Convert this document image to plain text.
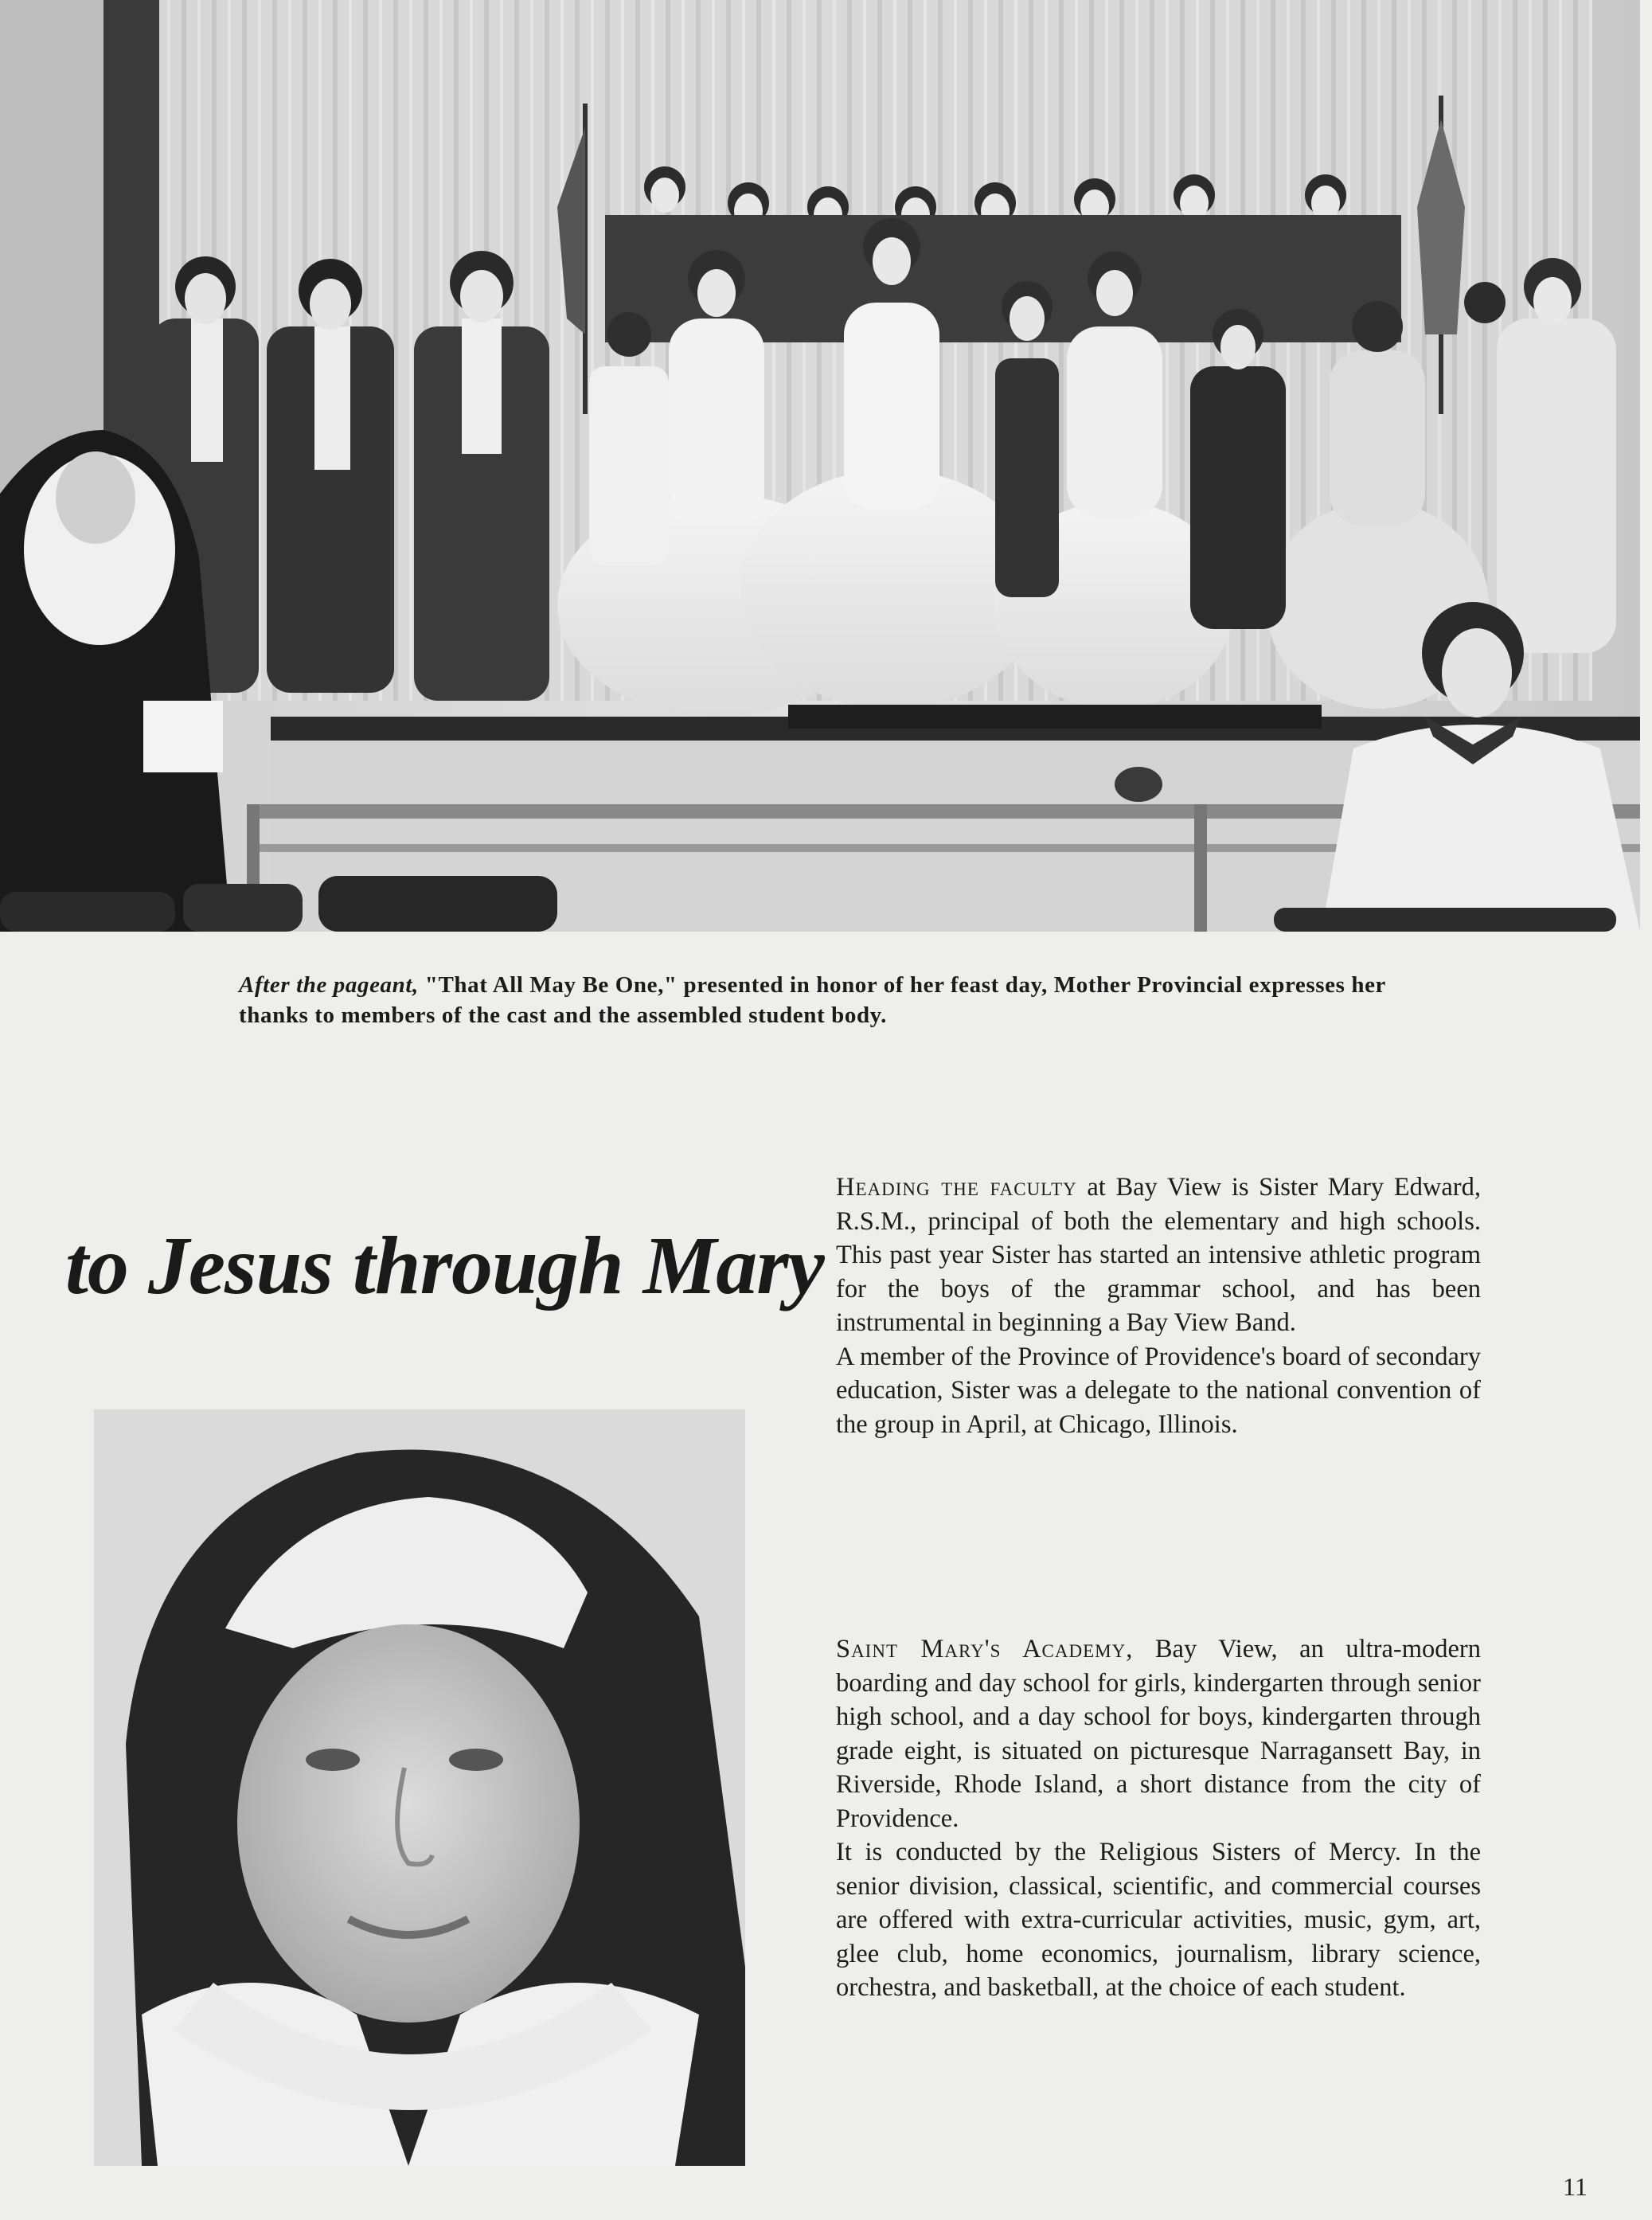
After the pageant, "That All May Be One," presented in honor of her feast day, Mother Provincial expresses her thanks to members of the cast and the assembled student body.
to Jesus through Mary

Heading the faculty at Bay View is Sister Mary Edward, R.S.M., principal of both the elementary and high schools. This past year Sister has started an intensive athletic program for the boys of the grammar school, and has been instrumental in beginning a Bay View Band.

A member of the Province of Providence's board of secondary education, Sister was a delegate to the national convention of the group in April, at Chicago, Illinois.

Saint Mary's Academy, Bay View, an ultra-modern boarding and day school for girls, kindergarten through senior high school, and a day school for boys, kindergarten through grade eight, is situated on picturesque Narragansett Bay, in Riverside, Rhode Island, a short distance from the city of Providence.

It is conducted by the Religious Sisters of Mercy. In the senior division, classical, scientific, and commercial courses are offered with extra-curricular activities, music, gym, art, glee club, home economics, journalism, library science, orchestra, and basketball, at the choice of each student.

11
